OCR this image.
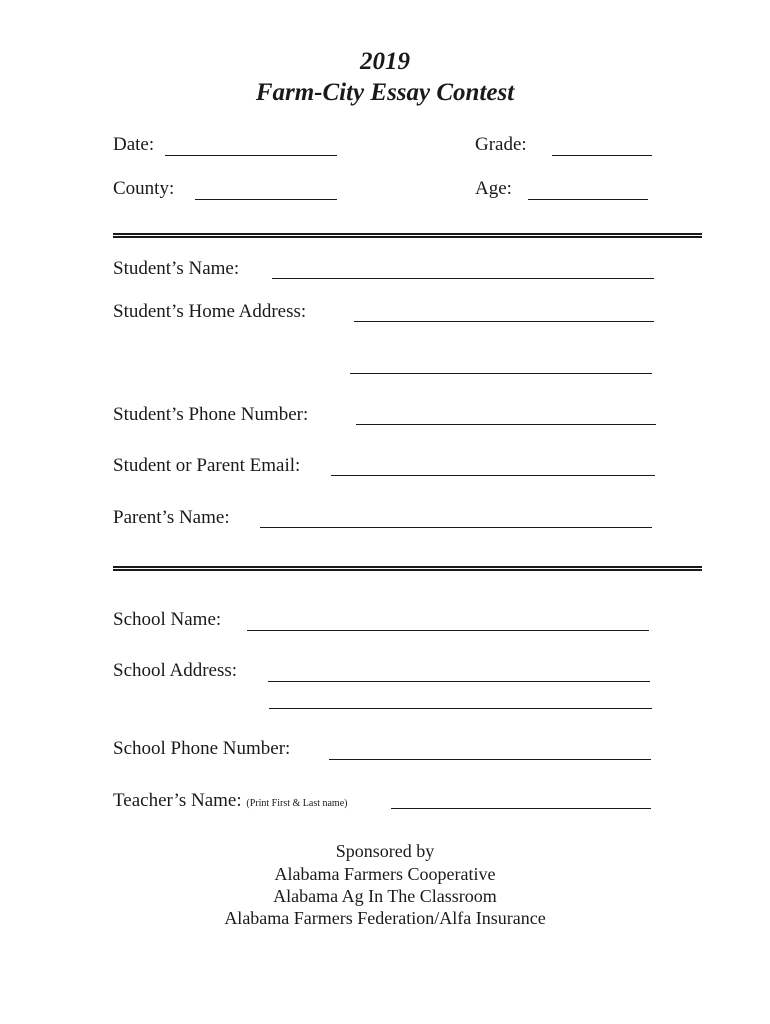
2019
Farm-City Essay Contest
Date:	Grade:
County:	Age:
Student’s Name:
Student’s Home Address:
Student’s Phone Number:
Student or Parent Email:
Parent’s Name:
School Name:
School Address:
School Phone Number:
Teacher’s Name: (Print First & Last name)
Sponsored by
Alabama Farmers Cooperative
Alabama Ag In The Classroom
Alabama Farmers Federation/Alfa Insurance
